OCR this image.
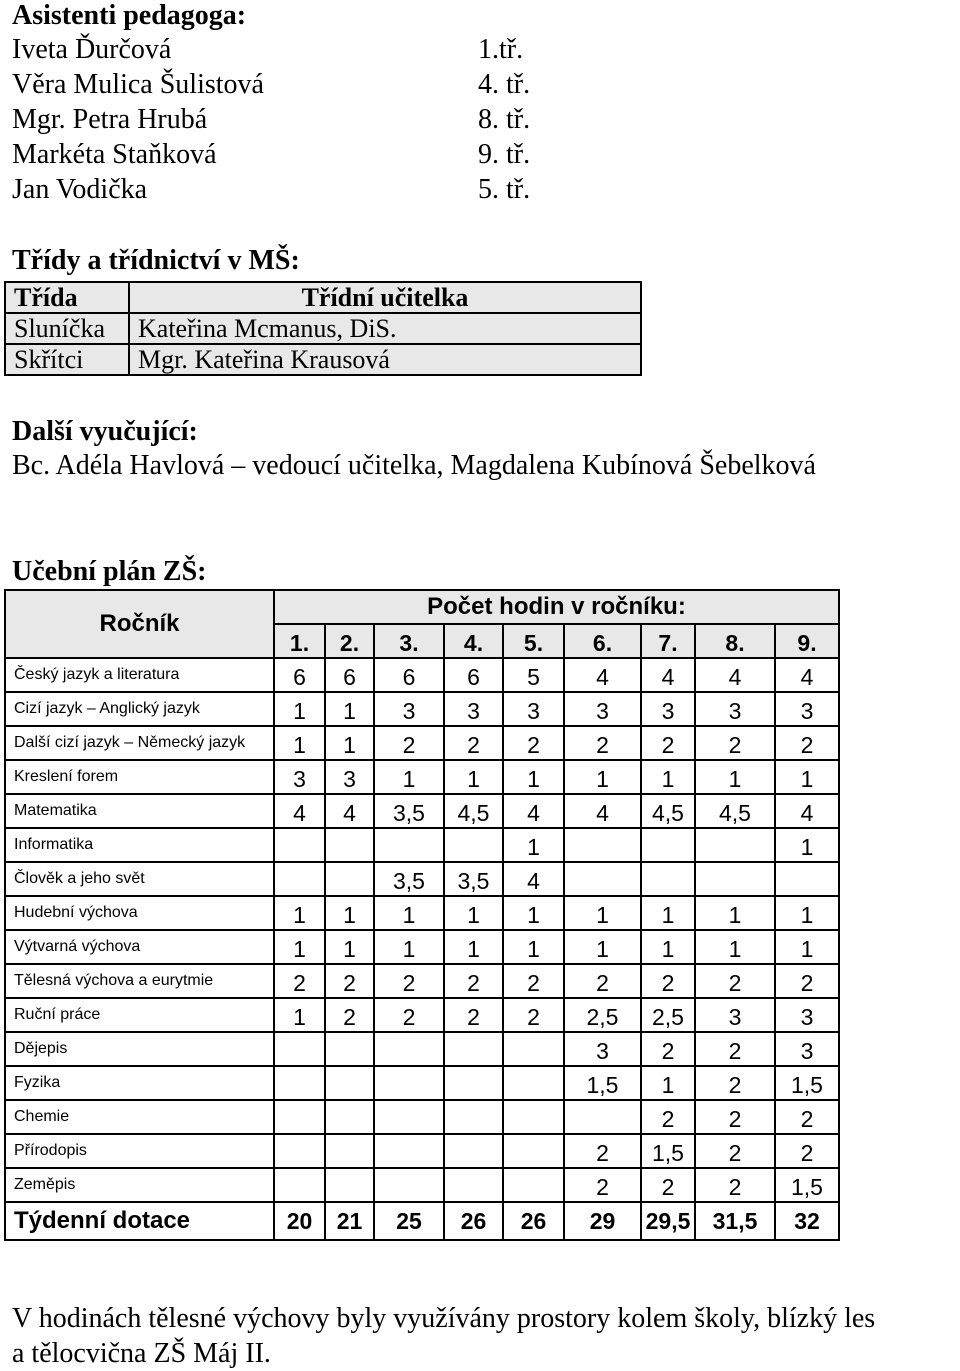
Asistenti pedagoga:
Iveta Ďurčová	1.tř.
Věra Mulica Šulistová	4. tř.
Mgr. Petra Hrubá	8. tř.
Markéta Staňková	9. tř.
Jan Vodička	5. tř.
Třídy a třídnictví v MŠ:
Třída	Třídní učitelka
Sluníčka	Kateřina Mcmanus, DiS.
Skřítci	Mgr. Kateřina Krausová
Další vyučující:
Bc. Adéla Havlová – vedoucí učitelka, Magdalena Kubínová Šebelková
Učební plán ZŠ:
Ročník	Počet hodin v ročníku:								
	1.	2.	3.	4.	5.	6.	7.	8.	9.
Český jazyk a literatura	6	6	6	6	5	4	4	4	4
Cizí jazyk – Anglický jazyk	1	1	3	3	3	3	3	3	3
Další cizí jazyk – Německý jazyk	1	1	2	2	2	2	2	2	2
Kreslení forem	3	3	1	1	1	1	1	1	1
Matematika	4	4	3,5	4,5	4	4	4,5	4,5	4
Informatika					1				1
Člověk a jeho svět			3,5	3,5	4				
Hudební výchova	1	1	1	1	1	1	1	1	1
Výtvarná výchova	1	1	1	1	1	1	1	1	1
Tělesná výchova a eurytmie	2	2	2	2	2	2	2	2	2
Ruční práce	1	2	2	2	2	2,5	2,5	3	3
Dějepis						3	2	2	3
Fyzika						1,5	1	2	1,5
Chemie							2	2	2
Přírodopis						2	1,5	2	2
Zeměpis						2	2	2	1,5
Týdenní dotace	20	21	25	26	26	29	29,5	31,5	32
V hodinách tělesné výchovy byly využívány prostory kolem školy, blízký les
a tělocvična ZŠ Máj II.
